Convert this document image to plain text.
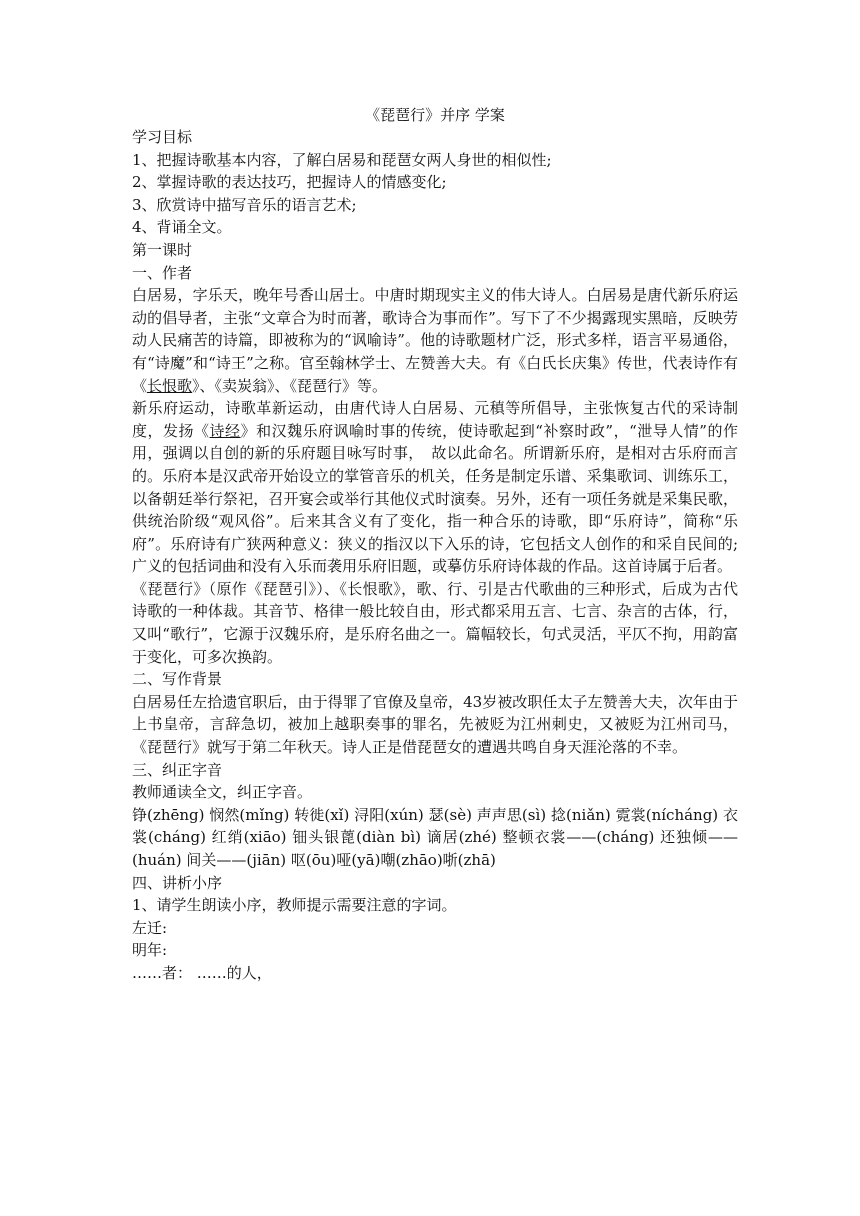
《琵琶行》并序 学案

学习目标

1、把握诗歌基本内容，了解白居易和琵琶女两人身世的相似性;

2、掌握诗歌的表达技巧，把握诗人的情感变化;

3、欣赏诗中描写音乐的语言艺术;

4、背诵全文。

第一课时

一、作者

白居易，字乐天，晚年号香山居士。中唐时期现实主义的伟大诗人。白居易是唐代新乐府运动的倡导者，主张“文章合为时而著，歌诗合为事而作”。写下了不少揭露现实黑暗，反映劳动人民痛苦的诗篇，即被称为的“讽喻诗”。他的诗歌题材广泛，形式多样，语言平易通俗，有“诗魔”和“诗王”之称。官至翰林学士、左赞善大夫。有《白氏长庆集》传世，代表诗作有《长恨歌》、《卖炭翁》、《琵琶行》等。

新乐府运动，诗歌革新运动，由唐代诗人白居易、元稹等所倡导，主张恢复古代的采诗制度，发扬《诗经》和汉魏乐府讽喻时事的传统，使诗歌起到“补察时政”，“泄导人情”的作用，强调以自创的新的乐府题目咏写时事，　故以此命名。所谓新乐府，是相对古乐府而言的。乐府本是汉武帝开始设立的掌管音乐的机关，任务是制定乐谱、采集歌词、训练乐工，以备朝廷举行祭祀，召开宴会或举行其他仪式时演奏。另外，还有一项任务就是采集民歌，供统治阶级“观风俗”。后来其含义有了变化，指一种合乐的诗歌，即“乐府诗”，简称“乐府”。乐府诗有广狭两种意义：狭义的指汉以下入乐的诗，它包括文人创作的和采自民间的;广义的包括词曲和没有入乐而袭用乐府旧题，或摹仿乐府诗体裁的作品。这首诗属于后者。

《琵琶行》（原作《琵琶引》）、《长恨歌》，歌、行、引是古代歌曲的三种形式，后成为古代诗歌的一种体裁。其音节、格律一般比较自由，形式都采用五言、七言、杂言的古体，行，又叫“歌行”，它源于汉魏乐府，是乐府名曲之一。篇幅较长，句式灵活，平仄不拘，用韵富于变化，可多次换韵。

二、写作背景

白居易任左拾遗官职后，由于得罪了官僚及皇帝，43岁被改职任太子左赞善大夫，次年由于上书皇帝，言辞急切，被加上越职奏事的罪名，先被贬为江州刺史，又被贬为江州司马，《琵琶行》就写于第二年秋天。诗人正是借琵琶女的遭遇共鸣自身天涯沦落的不幸。

三、纠正字音

教师通读全文，纠正字音。

铮(zhēng) 悯然(mǐng) 转徙(xǐ) 浔阳(xún) 瑟(sè) 声声思(sì) 捻(niǎn) 霓裳(nícháng) 衣裳(cháng) 红绡(xiāo) 钿头银蓖(diàn bì) 谪居(zhé) 整顿衣裳——(cháng) 还独倾——(huán) 间关——(jiān) 呕(ōu)哑(yā)嘲(zhāo)哳(zhā)

四、讲析小序

1、请学生朗读小序，教师提示需要注意的字词。

左迁:

明年:

……者： ……的人，
